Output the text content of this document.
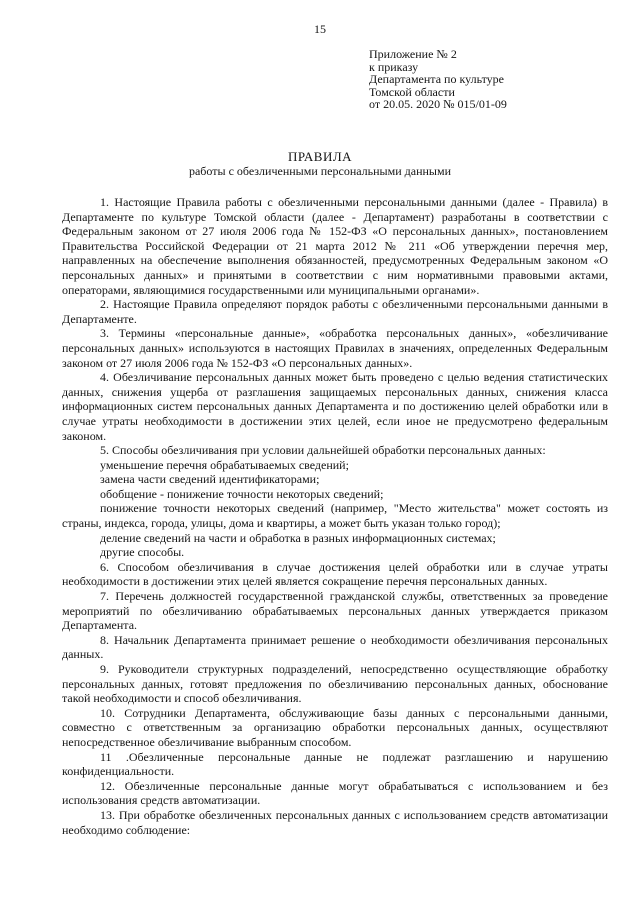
15
Приложение № 2
к приказу
Департамента по культуре
Томской области
от 20.05. 2020 № 015/01-09
ПРАВИЛА
работы с обезличенными персональными данными

1. Настоящие Правила работы с обезличенными персональными данными (далее - Правила) в Департаменте по культуре Томской области (далее - Департамент) разработаны в соответствии с Федеральным законом от 27 июля 2006 года № 152-ФЗ «О персональных данных», постановлением Правительства Российской Федерации от 21 марта 2012 № 211 «Об утверждении перечня мер, направленных на обеспечение выполнения обязанностей, предусмотренных Федеральным законом «О персональных данных» и принятыми в соответствии с ним нормативными правовыми актами, операторами, являющимися государственными или муниципальными органами».

2. Настоящие Правила определяют порядок работы с обезличенными персональными данными в Департаменте.

3. Термины «персональные данные», «обработка персональных данных», «обезличивание персональных данных» используются в настоящих Правилах в значениях, определенных Федеральным законом от 27 июля 2006 года № 152-ФЗ «О персональных данных».

4. Обезличивание персональных данных может быть проведено с целью ведения статистических данных, снижения ущерба от разглашения защищаемых персональных данных, снижения класса информационных систем персональных данных Департамента и по достижению целей обработки или в случае утраты необходимости в достижении этих целей, если иное не предусмотрено федеральным законом.

5. Способы обезличивания при условии дальнейшей обработки персональных данных:

уменьшение перечня обрабатываемых сведений;

замена части сведений идентификаторами;

обобщение - понижение точности некоторых сведений;

понижение точности некоторых сведений (например, "Место жительства" может состоять из страны, индекса, города, улицы, дома и квартиры, а может быть указан только город);

деление сведений на части и обработка в разных информационных системах;

другие способы.

6. Способом обезличивания в случае достижения целей обработки или в случае утраты необходимости в достижении этих целей является сокращение перечня персональных данных.

7. Перечень должностей государственной гражданской службы, ответственных за проведение мероприятий по обезличиванию обрабатываемых персональных данных утверждается приказом Департамента.

8. Начальник Департамента принимает решение о необходимости обезличивания персональных данных.

9. Руководители структурных подразделений, непосредственно осуществляющие обработку персональных данных, готовят предложения по обезличиванию персональных данных, обоснование такой необходимости и способ обезличивания.

10. Сотрудники Департамента, обслуживающие базы данных с персональными данными, совместно с ответственным за организацию обработки персональных данных, осуществляют непосредственное обезличивание выбранным способом.

11 .Обезличенные персональные данные не подлежат разглашению и нарушению конфиденциальности.

12. Обезличенные персональные данные могут обрабатываться с использованием и без использования средств автоматизации.

13. При обработке обезличенных персональных данных с использованием средств автоматизации необходимо соблюдение:
